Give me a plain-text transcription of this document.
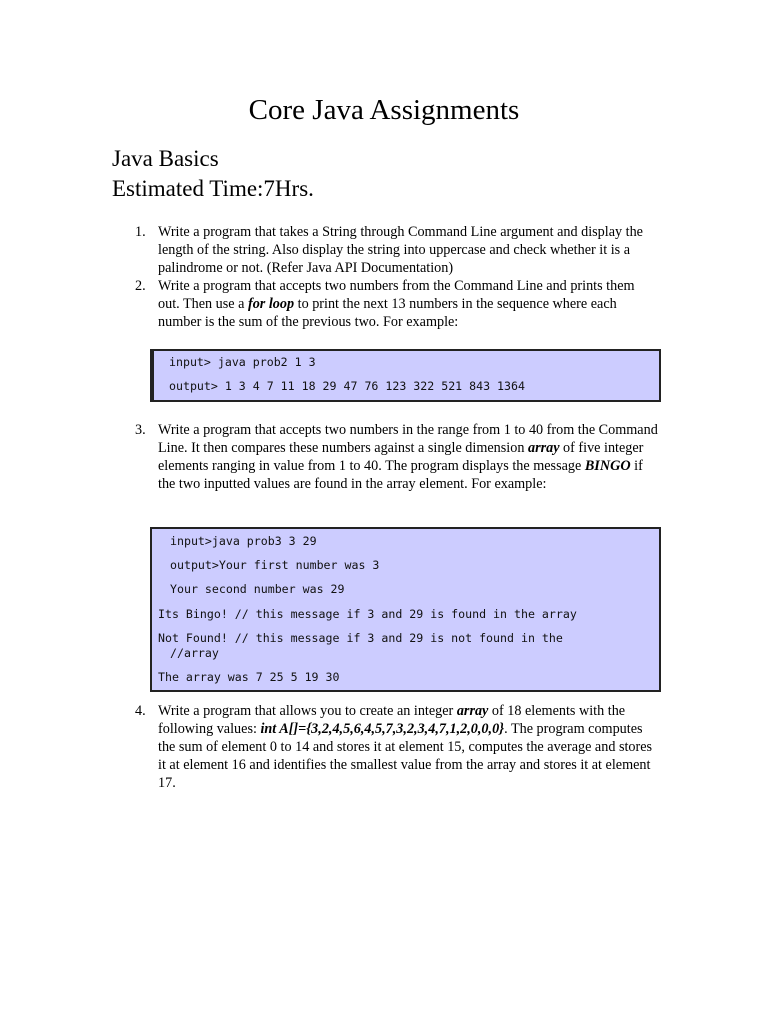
Core Java Assignments
Java Basics
Estimated Time:7Hrs.
1. Write a program that takes a String through Command Line argument and display the length of the string. Also display the string into uppercase and check whether it is a palindrome or not. (Refer Java API Documentation)
2. Write a program that accepts two numbers from the Command Line and prints them out. Then use a for loop to print the next 13 numbers in the sequence where each number is the sum of the previous two. For example:
input> java prob2 1 3
output> 1 3 4 7 11 18 29 47 76 123 322 521 843 1364
3. Write a program that accepts two numbers in the range from 1 to 40 from the Command Line. It then compares these numbers against a single dimension array of five integer elements ranging in value from 1 to 40. The program displays the message BINGO if the two inputted values are found in the array element. For example:
input>java prob3 3 29
output>Your first number was 3
Your second number was 29
Its Bingo! // this message if 3 and 29 is found in the array
Not Found! // this message if 3 and 29 is not found in the
//array
The array was 7 25 5 19 30
4. Write a program that allows you to create an integer array of 18 elements with the following values: int A[]={3,2,4,5,6,4,5,7,3,2,3,4,7,1,2,0,0,0}. The program computes the sum of element 0 to 14 and stores it at element 15, computes the average and stores it at element 16 and identifies the smallest value from the array and stores it at element 17.
